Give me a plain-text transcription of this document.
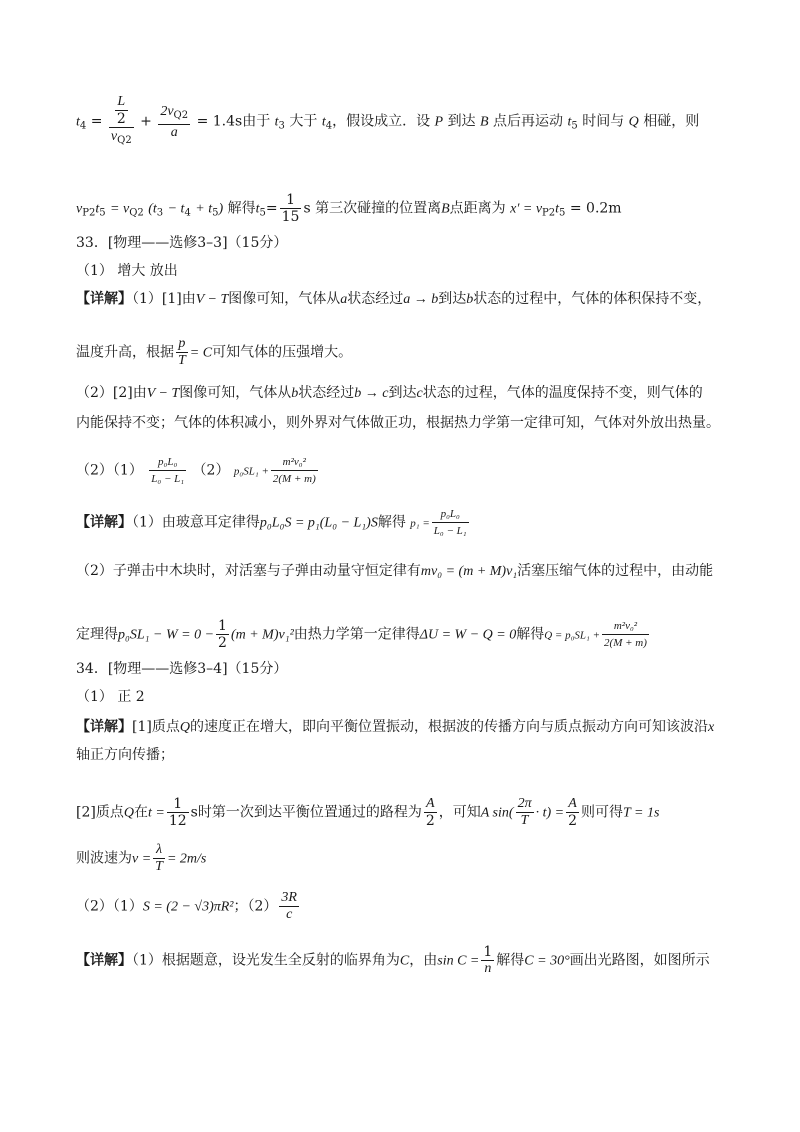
$t_4 = \frac{\frac{L}{2}}{v_{Q2}} + \frac{2v_{Q2}}{a} = 1.4s$由于 $t_3$ 大于 $t_4$，假设成立．设 P 到达 B 点后再运动 $t_5$ 时间与 Q 相碰，则
$v_{P2}t_5 = v_{Q2}$ $(t_3 - t_4 + t_5)$ 解得$t_5= \frac{1}{15}$ s 第三次碰撞的位置离B点距离为 $x' = v_{P2}t_5 = 0.2m$
33．[物理——选修3–3]（15分）
（1） 增大 放出
【详解】（1）[1]由V − T图像可知，气体从a状态经过a → b到达b状态的过程中，气体的体积保持不变，
温度升高，根据 $\frac{p}{T} = C$可知气体的压强增大。
（2）[2]由V − T图像可知，气体从b状态经过b → c到达c状态的过程，气体的温度保持不变，则气体的
内能保持不变；气体的体积减小，则外界对气体做正功，根据热力学第一定律可知，气体对外放出热量。
$(2)(1) \frac{\text{p₀L₀}}{\text{L₀ − L₁}} (2) p_0SL_1 + \frac{\text{m²v₀²}}{2(M + m)}$
【详解】（1）由玻意耳定律得p₀L₀S = p₁(L₀ − L₁)S解得 $p_1 = \frac{\text{p₀L₀}}{\text{L₀ − L₁}}$
（2）子弹击中木块时，对活塞与子弹由动量守恒定律有mv₀ = (m + M)v₁活塞压缩气体的过程中，由动能
定理得$p_0SL_1 - W = 0 - \frac{1}{2} (m + M)v_1^2$由热力学第一定律得ΔU = W − Q = 0解得$Q = p_0SL_1 + \frac{\text{m²v₀²}}{2(M + m)}$
34．[物理——选修3–4]（15分）
（1） 正 2
【详解】[1]质点Q的速度正在增大，即向平衡位置振动，根据波的传播方向与质点振动方向可知该波沿x
轴正方向传播；
[2]质点Q在$t = \frac{1}{12}$ s时第一次到达平衡位置通过的路程为 $\frac{A}{2}$ ，可知A $\sin( \frac{2\pi}{T} \cdot t) = \frac{A}{2}$ 则可得T = 1s
则波速为$v = \frac{\lambda}{T} = 2m/s$
（2）（1）S = (2 − √3)πR²；$(2) \frac{3R}{c}$
【详解】（1）根据题意，设光发生全反射的临界角为C，由$\sin C = \frac{1}{n}$ 解得C = 30°画出光路图，如图所示
